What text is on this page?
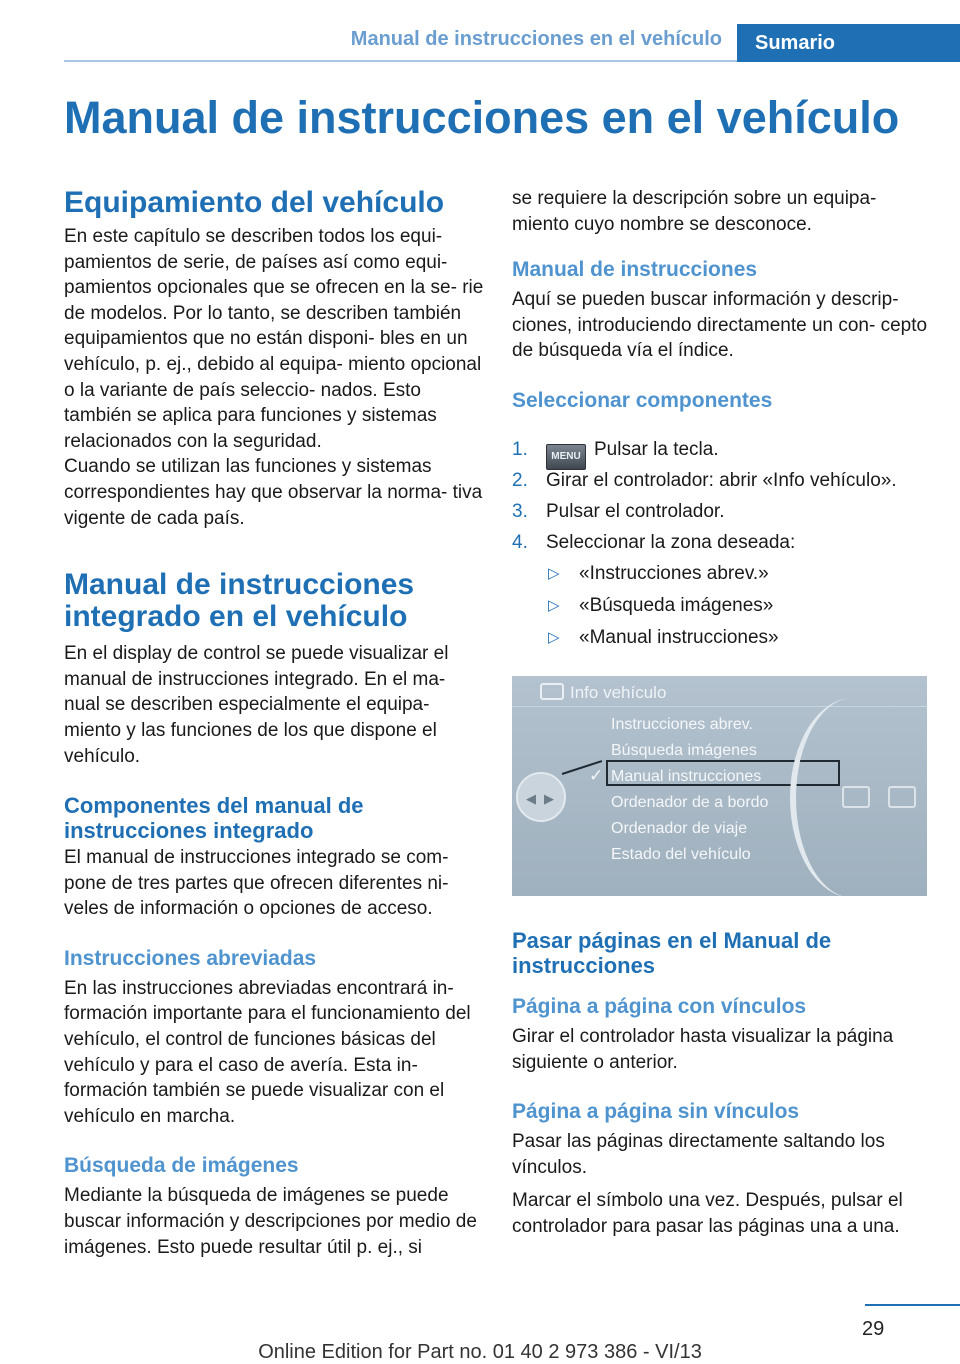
Manual de instrucciones en el vehículo	Sumario
Manual de instrucciones en el vehículo
Equipamiento del vehículo

En este capítulo se describen todos los equi‐ pamientos de serie, de países así como equi‐ pamientos opcionales que se ofrecen en la se‐ rie de modelos. Por lo tanto, se describen también equipamientos que no están disponi‐ bles en un vehículo, p. ej., debido al equipa‐ miento opcional o la variante de país seleccio‐ nados. Esto también se aplica para funciones y sistemas relacionados con la seguridad.

Cuando se utilizan las funciones y sistemas correspondientes hay que observar la norma‐ tiva vigente de cada país.

Manual de instrucciones integrado en el vehículo

En el display de control se puede visualizar el manual de instrucciones integrado. En el ma‐ nual se describen especialmente el equipa‐ miento y las funciones de los que dispone el vehículo.

Componentes del manual de instrucciones integrado

El manual de instrucciones integrado se com‐ pone de tres partes que ofrecen diferentes ni‐ veles de información o opciones de acceso.

Instrucciones abreviadas

En las instrucciones abreviadas encontrará in‐ formación importante para el funcionamiento del vehículo, el control de funciones básicas del vehículo y para el caso de avería. Esta in‐ formación también se puede visualizar con el vehículo en marcha.

Búsqueda de imágenes

Mediante la búsqueda de imágenes se puede buscar información y descripciones por medio de imágenes. Esto puede resultar útil p. ej., si

se requiere la descripción sobre un equipa‐ miento cuyo nombre se desconoce.

Manual de instrucciones

Aquí se pueden buscar información y descrip‐ ciones, introduciendo directamente un con‐ cepto de búsqueda vía el índice.

Seleccionar componentes
1. MENU Pulsar la tecla.
2. Girar el controlador: abrir «Info vehículo».
3. Pulsar el controlador.
4. Seleccionar la zona deseada:
▷ «Instrucciones abrev.»
▷ «Búsqueda imágenes»
▷ «Manual instrucciones»
Info vehículo
Instrucciones abrev.
Búsqueda imágenes
✓ Manual instrucciones
Ordenador de a bordo
Ordenador de viaje
Estado del vehículo
◀ ▶
Pasar páginas en el Manual de instrucciones
Página a página con vínculos

Girar el controlador hasta visualizar la página siguiente o anterior.

Página a página sin vínculos

Pasar las páginas directamente saltando los vínculos.

Marcar el símbolo una vez. Después, pulsar el controlador para pasar las páginas una a una.

29
Online Edition for Part no. 01 40 2 973 386 - VI/13
